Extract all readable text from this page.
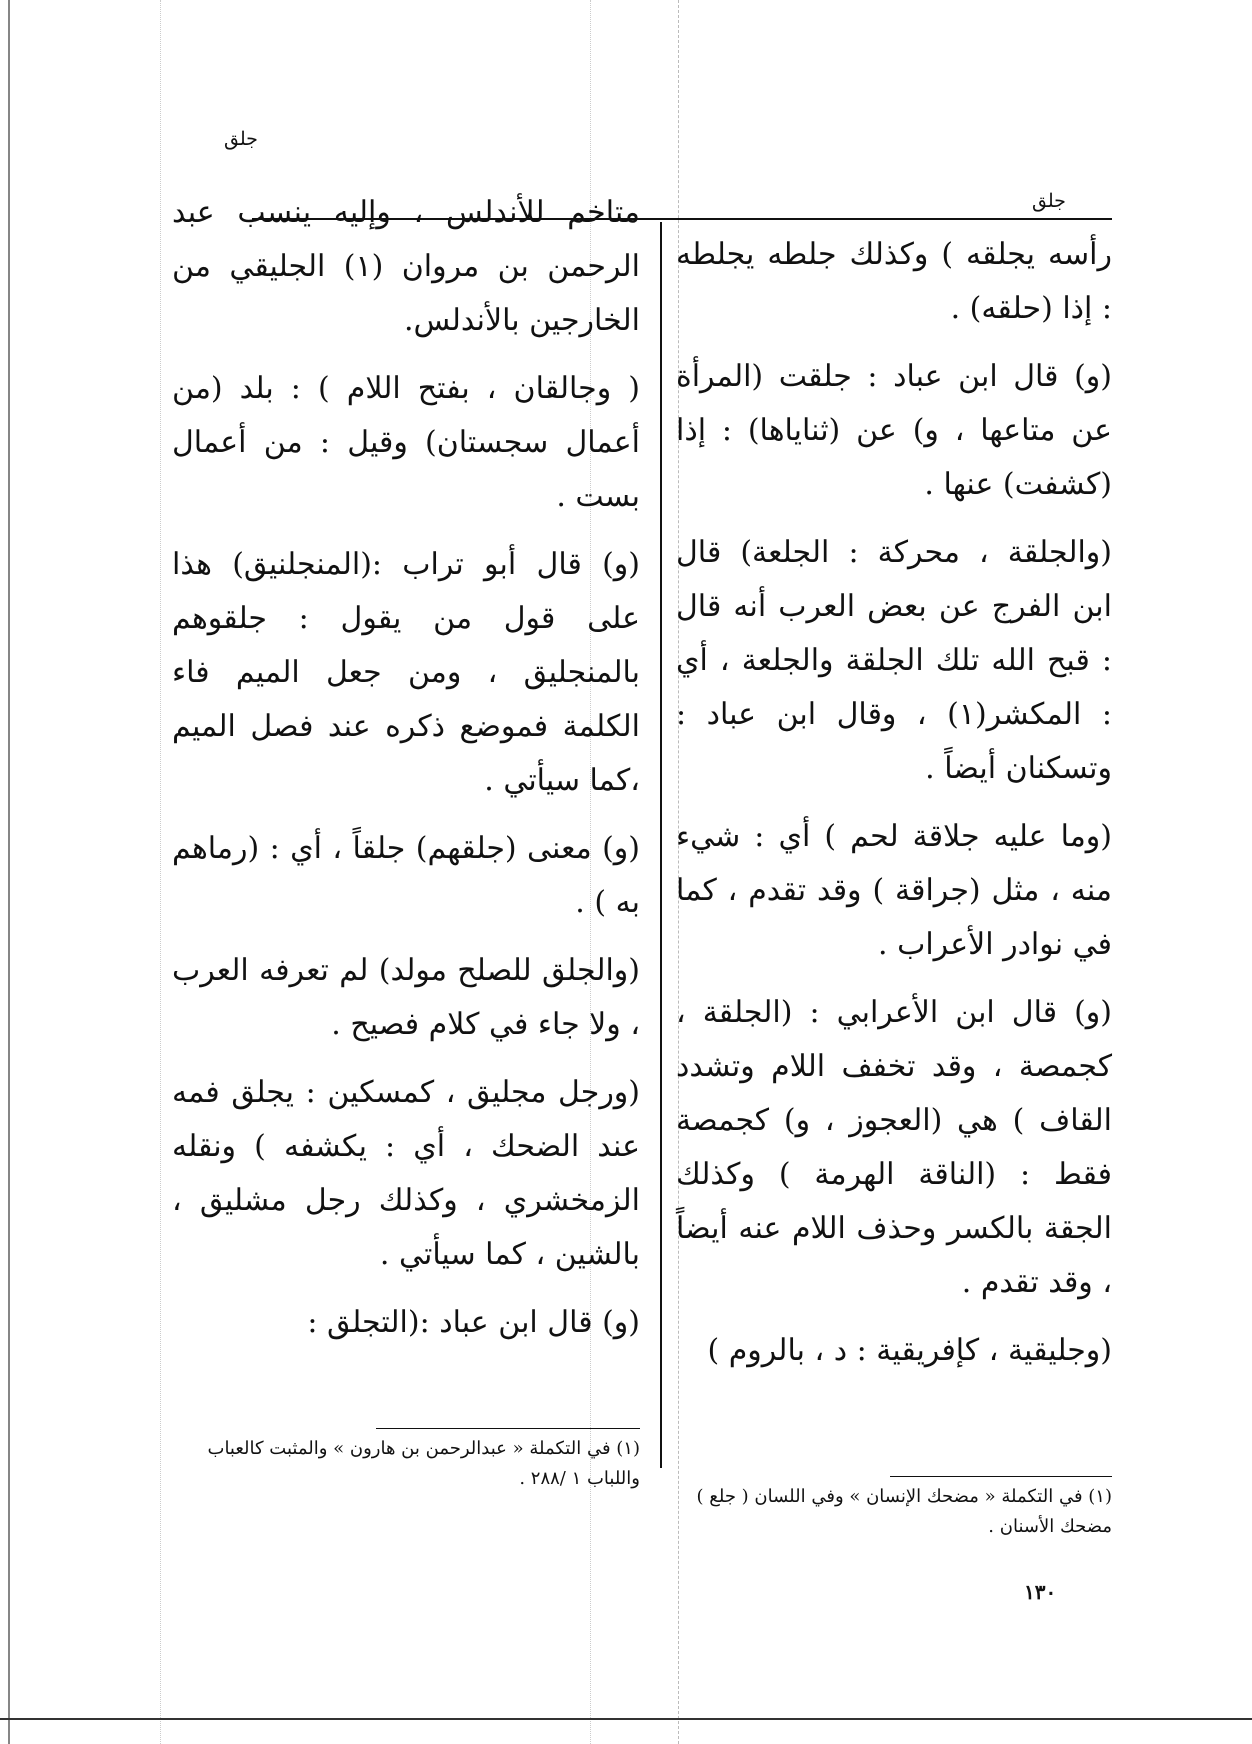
جلق
جلق

رأسه يجلقه ) وكذلك جلطه يجلطه : إذا (حلقه) .

(و) قال ابن عباد : جلقت (المرأة عن متاعها ، و) عن (ثناياها) : إذا (كشفت) عنها .

(والجلقة ، محركة : الجلعة) قال ابن الفرج عن بعض العرب أنه قال : قبح الله تلك الجلقة والجلعة ، أي : المكشر(١) ، وقال ابن عباد : وتسكنان أيضاً .

(وما عليه جلاقة لحم ) أي : شيء منه ، مثل (جراقة ) وقد تقدم ، كما في نوادر الأعراب .

(و) قال ابن الأعرابي : (الجلقة ، كجمصة ، وقد تخفف اللام وتشدد القاف ) هي (العجوز ، و) كجمصة فقط : (الناقة الهرمة ) وكذلك الجقة بالكسر وحذف اللام عنه أيضاً ، وقد تقدم .

(وجليقية ، كإفريقية : د ، بالروم )

متاخم للأندلس ، وإليه ينسب عبد الرحمن بن مروان (١) الجليقي من الخارجين بالأندلس.

( وجالقان ، بفتح اللام ) : بلد (من أعمال سجستان) وقيل : من أعمال بست .

(و) قال أبو تراب :(المنجلنيق) هذا على قول من يقول : جلقوهم بالمنجليق ، ومن جعل الميم فاء الكلمة فموضع ذكره عند فصل الميم ،كما سيأتي .

(و) معنى (جلقهم) جلقاً ، أي : (رماهم به ) .

(والجلق للصلح مولد) لم تعرفه العرب ، ولا جاء في كلام فصيح .

(ورجل مجليق ، كمسكين : يجلق فمه عند الضحك ، أي : يكشفه ) ونقله الزمخشري ، وكذلك رجل مشليق ، بالشين ، كما سيأتي .

(و) قال ابن عباد :(التجلق :

(١) في التكملة « مضحك الإنسان » وفي اللسان ( جلع ) مضحك الأسنان .
(١) في التكملة « عبدالرحمن بن هارون » والمثبت كالعباب واللباب ١ /٢٨٨ .
١٣٠
